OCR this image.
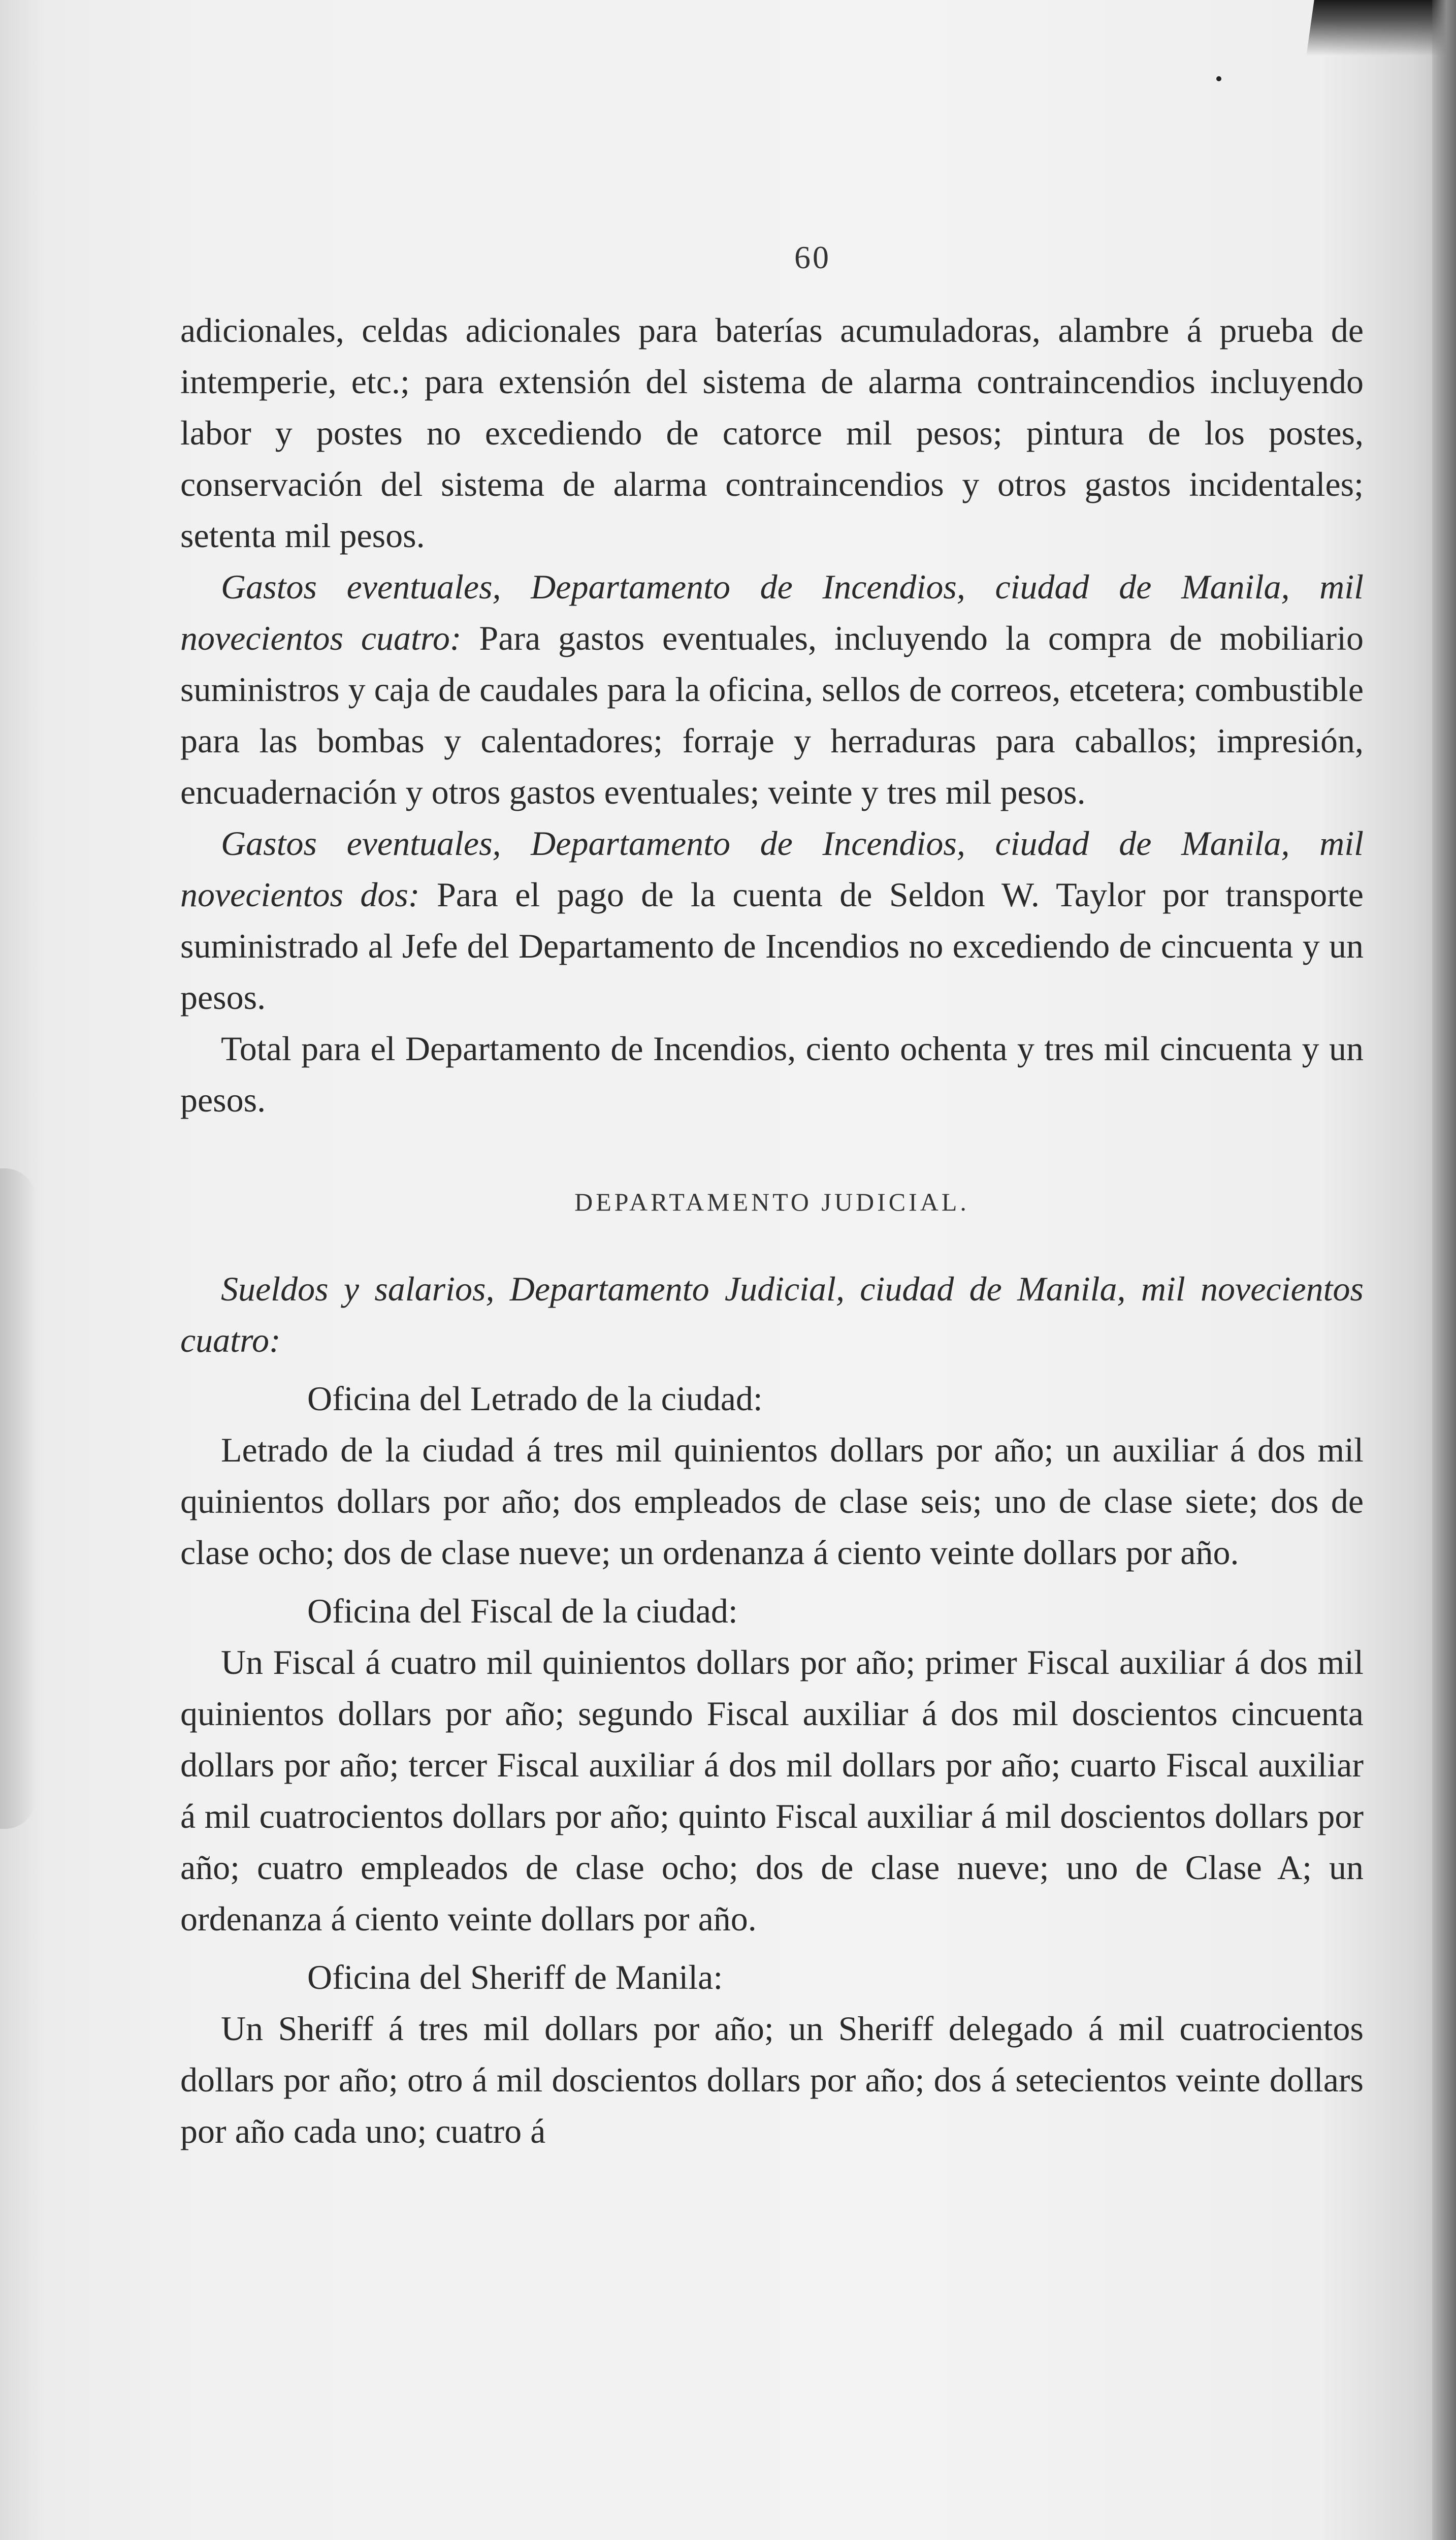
60

adicionales, celdas adicionales para baterías acumuladoras, alambre á prueba de intemperie, etc.; para extensión del sistema de alarma contraincendios incluyendo labor y postes no excediendo de catorce mil pesos; pintura de los postes, conservación del sistema de alarma contraincendios y otros gastos incidentales; setenta mil pesos.

Gastos eventuales, Departamento de Incendios, ciudad de Manila, mil novecientos cuatro: Para gastos eventuales, incluyendo la compra de mobiliario suministros y caja de caudales para la oficina, sellos de correos, etcetera; combustible para las bombas y calentadores; forraje y herraduras para caballos; impresión, encuadernación y otros gastos eventuales; veinte y tres mil pesos.

Gastos eventuales, Departamento de Incendios, ciudad de Manila, mil novecientos dos: Para el pago de la cuenta de Seldon W. Taylor por transporte suministrado al Jefe del Departamento de Incendios no excediendo de cincuenta y un pesos.

Total para el Departamento de Incendios, ciento ochenta y tres mil cincuenta y un pesos.

DEPARTAMENTO JUDICIAL.

Sueldos y salarios, Departamento Judicial, ciudad de Manila, mil novecientos cuatro:

Oficina del Letrado de la ciudad:

Letrado de la ciudad á tres mil quinientos dollars por año; un auxiliar á dos mil quinientos dollars por año; dos empleados de clase seis; uno de clase siete; dos de clase ocho; dos de clase nueve; un ordenanza á ciento veinte dollars por año.

Oficina del Fiscal de la ciudad:

Un Fiscal á cuatro mil quinientos dollars por año; primer Fiscal auxiliar á dos mil quinientos dollars por año; segundo Fiscal auxiliar á dos mil doscientos cincuenta dollars por año; tercer Fiscal auxiliar á dos mil dollars por año; cuarto Fiscal auxiliar á mil cuatrocientos dollars por año; quinto Fiscal auxiliar á mil doscientos dollars por año; cuatro empleados de clase ocho; dos de clase nueve; uno de Clase A; un ordenanza á ciento veinte dollars por año.

Oficina del Sheriff de Manila:

Un Sheriff á tres mil dollars por año; un Sheriff delegado á mil cuatrocientos dollars por año; otro á mil doscientos dollars por año; dos á setecientos veinte dollars por año cada uno; cuatro á
